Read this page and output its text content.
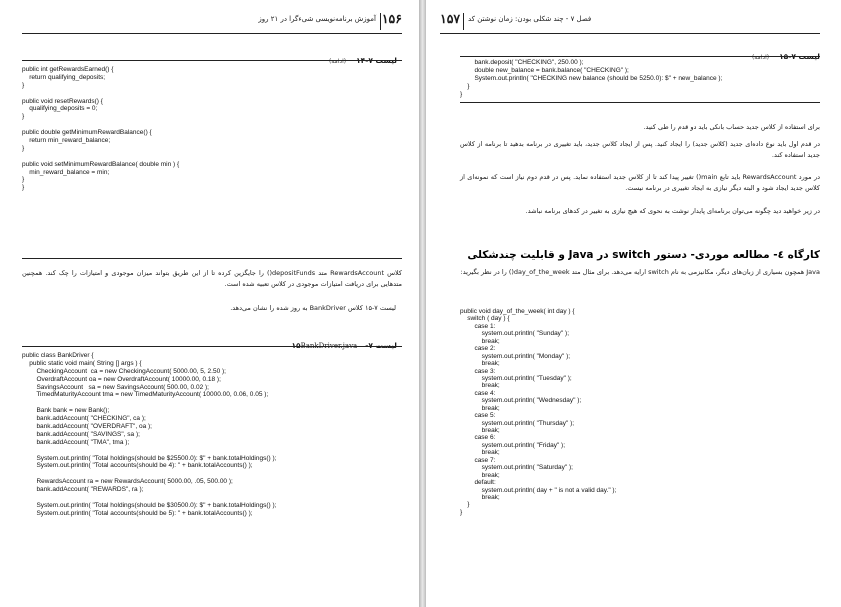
آموزش برنامه‌نویسی شیءگرا در ۲۱ روز ۱۵۶
لیست ۷-۱۴(ادامه)
public int getRewardsEarned() {
return qualifying_deposits;
}
public void resetRewards() {
qualifying_deposits = 0;
}
public double getMinimumRewardBalance() {
return min_reward_balance;
}
public void setMinimumRewardBalance( double min ) {
min_reward_balance = min;
}
}

کلاس RewardsAccount متد depositFunds() را جایگزین کرده تا از این طریق بتواند میزان موجودی و امتیازات را چک کند. همچنین متدهایی برای دریافت امتیازات موجودی در کلاس تعبیه شده است.

لیست ۷-۱۵ کلاس BankDriver به روز شده را نشان می‌دهد.

لیست ۷-۱۵BankDriver.java
public class BankDriver {
public static void main( String [] args ) {
CheckingAccount  ca = new CheckingAccount( 5000.00, 5, 2.50 );
OverdraftAccount oa = new OverdraftAccount( 10000.00, 0.18 );
SavingsAccount   sa = new SavingsAccount( 500.00, 0.02 );
TimedMaturityAccount tma = new TimedMaturityAccount( 10000.00, 0.06, 0.05 );
Bank bank = new Bank();
bank.addAccount( "CHECKING", ca );
bank.addAccount( "OVERDRAFT", oa );
bank.addAccount( "SAVINGS", sa );
bank.addAccount( "TMA", tma );
System.out.println( "Total holdings(should be $25500.0): $" + bank.totalHoldings() );
System.out.println( "Total accounts(should be 4): " + bank.totalAccounts() );
RewardsAccount ra = new RewardsAccount( 5000.00, .05, 500.00 );
bank.addAccount( "REWARDS", ra );
System.out.println( "Total holdings(should be $30500.0): $" + bank.totalHoldings() );
System.out.println( "Total accounts(should be 5): " + bank.totalAccounts() );
۱۵۷ فصل ۷ - چند شکلی بودن: زمان نوشتن کد
لیست ۷-۱۵(ادامه)
bank.deposit( "CHECKING", 250.00 );
double new_balance = bank.balance( "CHECKING" );
System.out.println( "CHECKING new balance (should be 5250.0): $" + new_balance );
}
}

برای استفاده از کلاس جدید حساب بانکی باید دو قدم را طی کنید.

در قدم اول باید نوع داده‌ای جدید (کلاس جدید) را ایجاد کنید. پس از ایجاد کلاس جدید، باید تغییری در برنامه بدهید تا برنامه از کلاس جدید استفاده کند.

در مورد RewardsAccount باید تابع main() تغییر پیدا کند تا از کلاس جدید استفاده نماید. پس در قدم دوم نیاز است که نمونه‌ای از کلاس جدید ایجاد شود و البته دیگر نیازی به ایجاد تغییری در برنامه نیست.

در زیر خواهید دید چگونه می‌توان برنامه‌ای پایدار نوشت به نحوی که هیچ نیازی به تغییر در کدهای برنامه نباشد.

کارگاه ٤- مطالعه موردی- دستور switch در Java و قابلیت چندشکلی

Java همچون بسیاری از زبان‌های دیگر، مکانیزمی به نام switch ارایه می‌دهد. برای مثال متد day_of_the_week() را در نظر بگیرید:

public void day_of_the_week( int day ) {
switch ( day ) {
case 1:
system.out.println( "Sunday" );
break;
case 2:
system.out.println( "Monday" );
break;
case 3:
system.out.println( "Tuesday" );
break;
case 4:
system.out.println( "Wednesday" );
break;
case 5:
system.out.println( "Thursday" );
break;
case 6:
system.out.println( "Friday" );
break;
case 7:
system.out.println( "Saturday" );
break;
default:
system.out.println( day + " is not a valid day." );
break;
}
}
